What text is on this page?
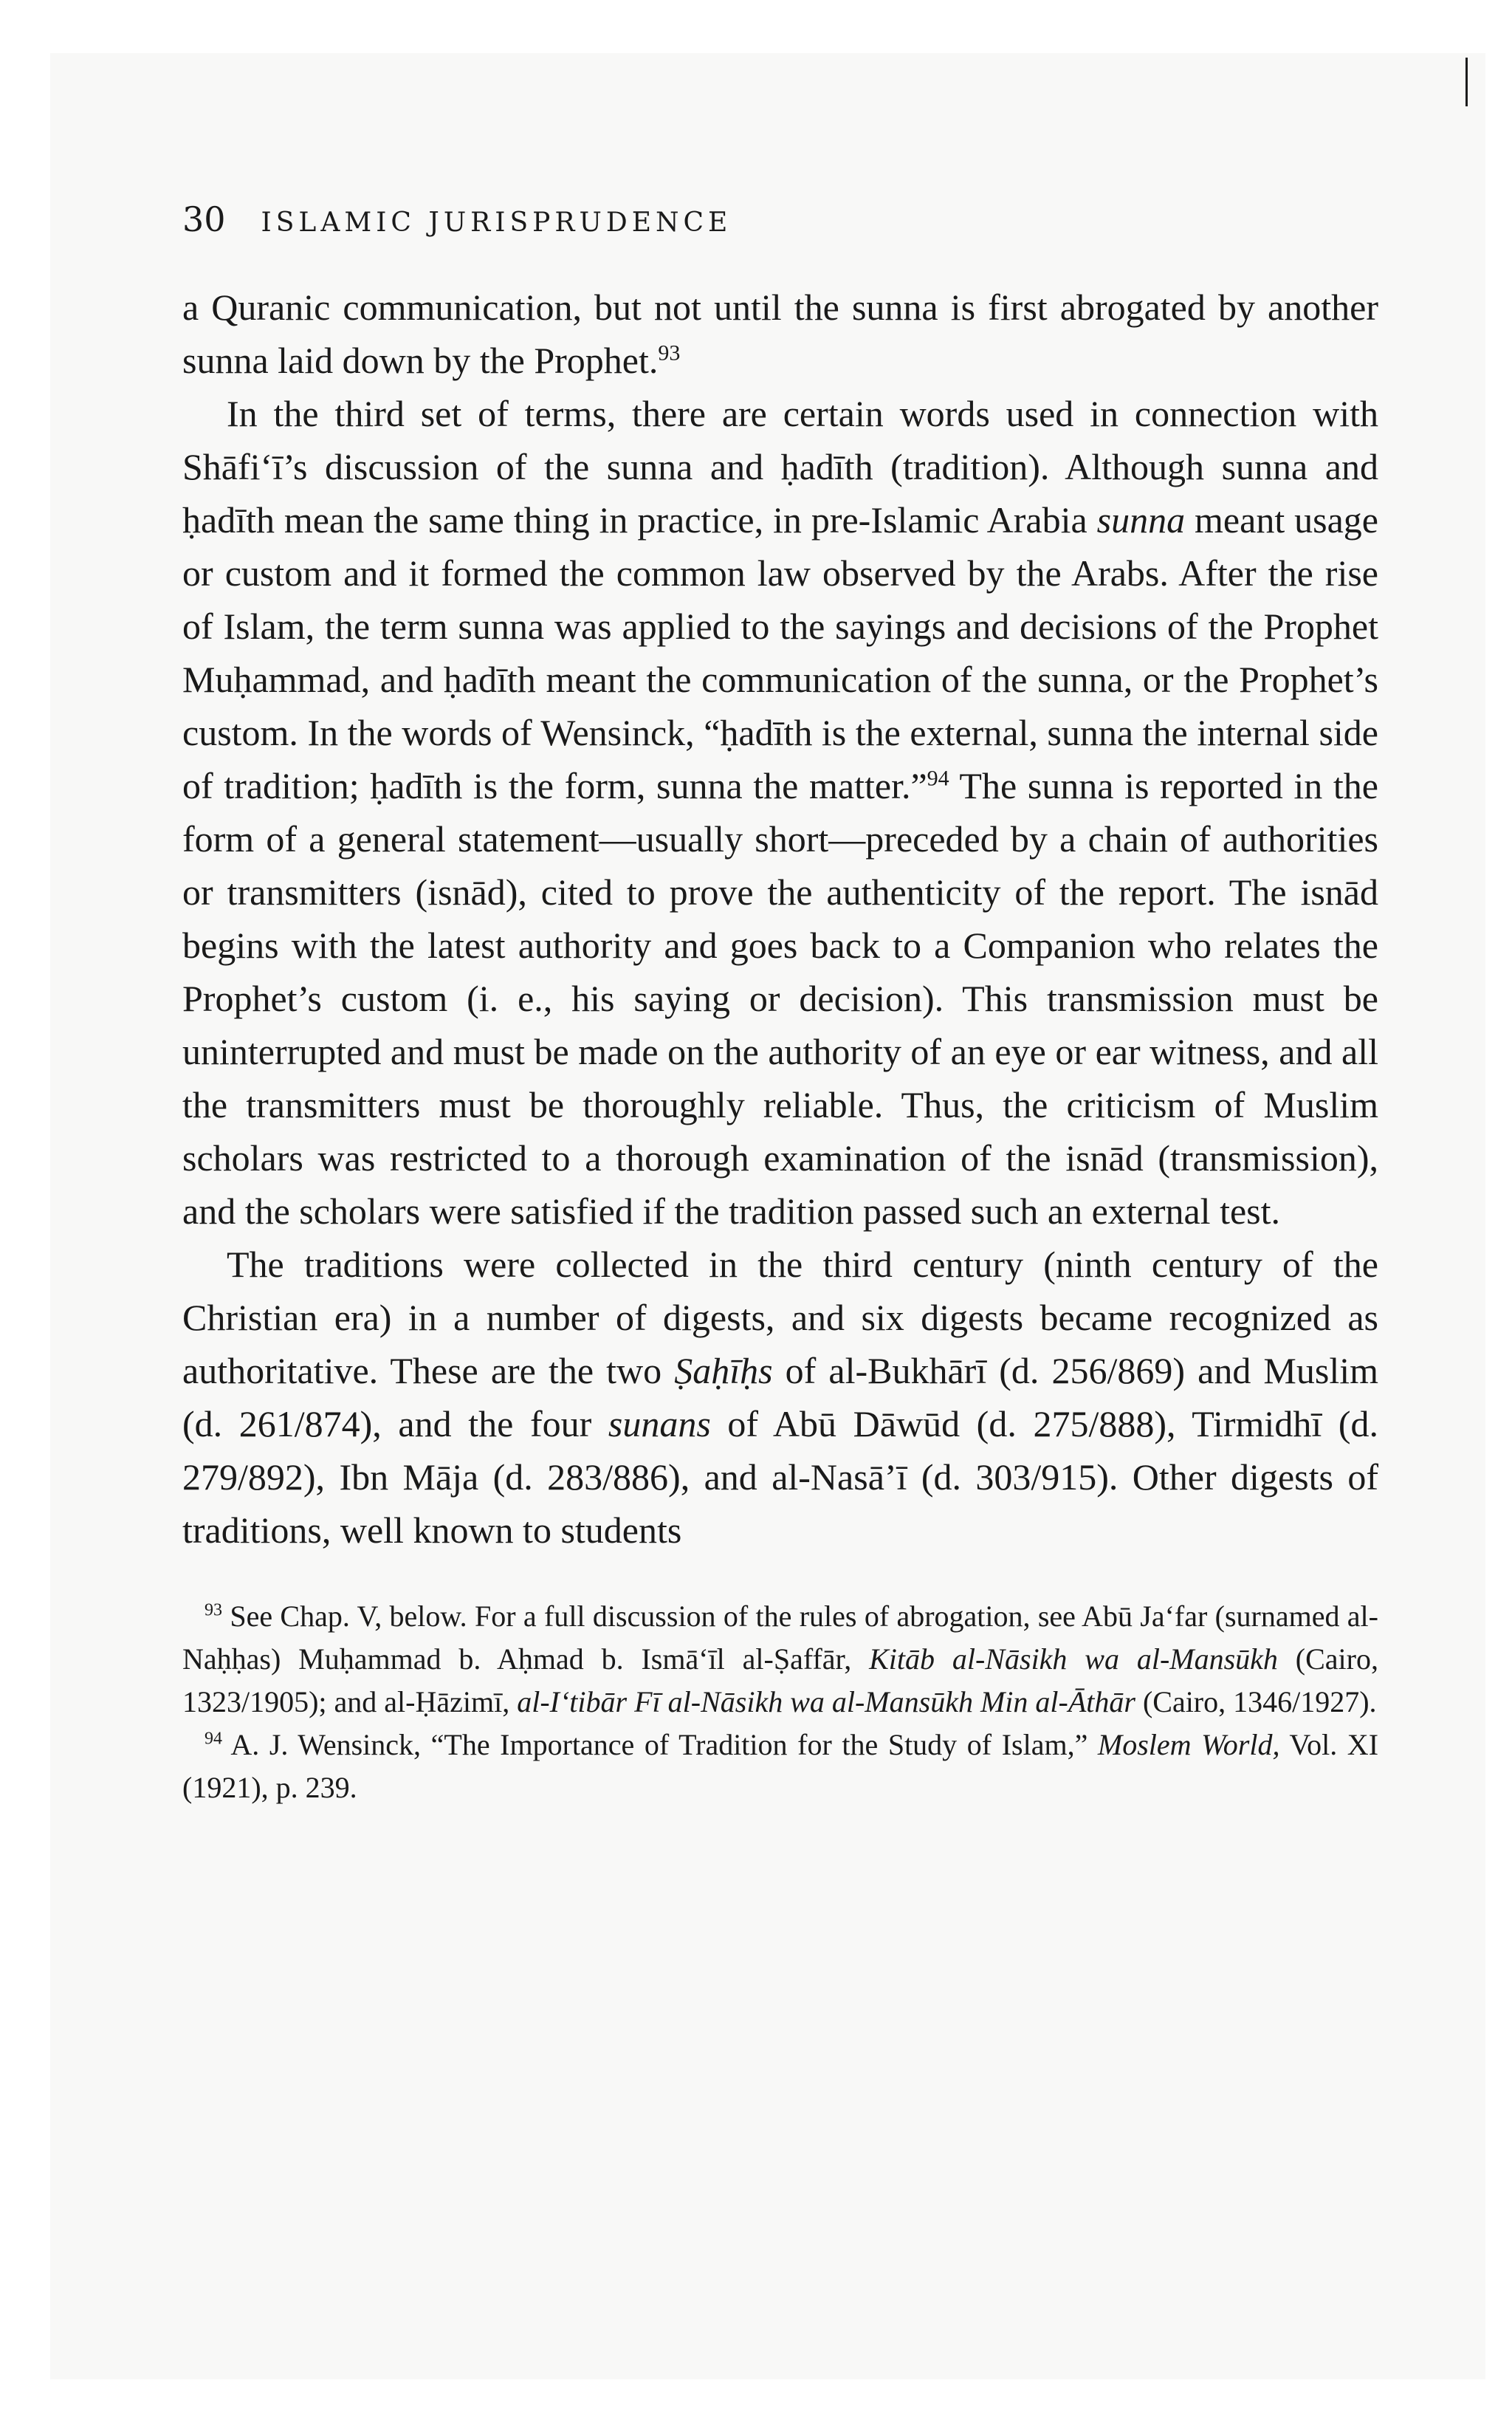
30 ISLAMIC JURISPRUDENCE

a Quranic communication, but not until the sunna is first abrogated by another sunna laid down by the Prophet.$^{93}$

In the third set of terms, there are certain words used in connection with Shāfi‘ī’s discussion of the sunna and ḥadīth (tradition). Although sunna and ḥadīth mean the same thing in practice, in pre-Islamic Arabia sunna meant usage or custom and it formed the common law observed by the Arabs. After the rise of Islam, the term sunna was applied to the sayings and decisions of the Prophet Muḥammad, and ḥadīth meant the communication of the sunna, or the Prophet’s custom. In the words of Wensinck, “ḥadīth is the external, sunna the internal side of tradition; ḥadīth is the form, sunna the matter.”$^{94}$ The sunna is reported in the form of a general statement—usually short—preceded by a chain of authorities or transmitters (isnād), cited to prove the authenticity of the report. The isnād begins with the latest authority and goes back to a Companion who relates the Prophet’s custom (i. e., his saying or decision). This transmission must be uninterrupted and must be made on the authority of an eye or ear witness, and all the transmitters must be thoroughly reliable. Thus, the criticism of Muslim scholars was restricted to a thorough examination of the isnād (transmission), and the scholars were satisfied if the tradition passed such an external test.

The traditions were collected in the third century (ninth century of the Christian era) in a number of digests, and six digests became recognized as authoritative. These are the two Ṣaḥīḥs of al-Bukhārī (d. 256/869) and Muslim (d. 261/874), and the four sunans of Abū Dāwūd (d. 275/888), Tirmidhī (d. 279/892), Ibn Māja (d. 283/886), and al-Nasā’ī (d. 303/915). Other digests of traditions, well known to students

$^{93}$ See Chap. V, below. For a full discussion of the rules of abrogation, see Abū Ja‘far (surnamed al-Naḥḥas) Muḥammad b. Aḥmad b. Ismā‘īl al-Ṣaffār, Kitāb al-Nāsikh wa al-Mansūkh (Cairo, 1323/1905); and al-Ḥāzimī, al-I‘tibār Fī al-Nāsikh wa al-Mansūkh Min al-Āthār (Cairo, 1346/1927).

$^{94}$ A. J. Wensinck, “The Importance of Tradition for the Study of Islam,” Moslem World, Vol. XI (1921), p. 239.
